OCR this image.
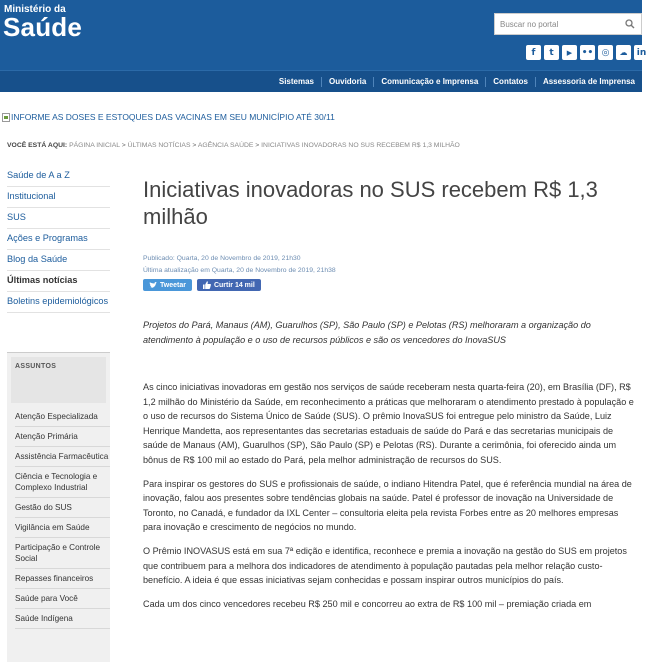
Ministério da
Saúde
Buscar no portal
f	t	▶	•• ◎	☁	in
Sistemas	Ouvidoria	Comunicação e Imprensa	Contatos	Assessoria de Imprensa
INFORME AS DOSES E ESTOQUES DAS VACINAS EM SEU MUNICÍPIO ATÉ 30/11
VOCÊ ESTÁ AQUI: PÁGINA INICIAL > ÚLTIMAS NOTÍCIAS > AGÊNCIA SAÚDE > INICIATIVAS INOVADORAS NO SUS RECEBEM R$ 1,3 MILHÃO
Saúde de A a Z
Institucional
SUS
Ações e Programas
Blog da Saúde
Últimas notícias
Boletins epidemiológicos
ASSUNTOS
Atenção Especializada
Atenção Primária
Assistência Farmacêutica
Ciência e Tecnologia e Complexo Industrial
Gestão do SUS
Vigilância em Saúde
Participação e Controle Social
Repasses financeiros
Saúde para Você
Saúde Indígena
Iniciativas inovadoras no SUS recebem R$ 1,3 milhão
Publicado: Quarta, 20 de Novembro de 2019, 21h30
Última atualização em Quarta, 20 de Novembro de 2019, 21h38
Tweetar	Curtir 14 mil

Projetos do Pará, Manaus (AM), Guarulhos (SP), São Paulo (SP) e Pelotas (RS) melhoraram a organização do atendimento à população e o uso de recursos públicos e são os vencedores do InovaSUS

As cinco iniciativas inovadoras em gestão nos serviços de saúde receberam nesta quarta-feira (20), em Brasília (DF), R$ 1,2 milhão do Ministério da Saúde, em reconhecimento a práticas que melhoraram o atendimento prestado à população e o uso de recursos do Sistema Único de Saúde (SUS). O prêmio InovaSUS foi entregue pelo ministro da Saúde, Luiz Henrique Mandetta, aos representantes das secretarias estaduais de saúde do Pará e das secretarias municipais de saúde de Manaus (AM), Guarulhos (SP), São Paulo (SP) e Pelotas (RS). Durante a cerimônia, foi oferecido ainda um bônus de R$ 100 mil ao estado do Pará, pela melhor administração de recursos do SUS.

Para inspirar os gestores do SUS e profissionais de saúde, o indiano Hitendra Patel, que é referência mundial na área de inovação, falou aos presentes sobre tendências globais na saúde. Patel é professor de inovação na Universidade de Toronto, no Canadá, e fundador da IXL Center – consultoria eleita pela revista Forbes entre as 20 melhores empresas para inovação e crescimento de negócios no mundo.

O Prêmio INOVASUS está em sua 7ª edição e identifica, reconhece e premia a inovação na gestão do SUS em projetos que contribuem para a melhora dos indicadores de atendimento à população pautadas pela melhor relação custo-benefício. A ideia é que essas iniciativas sejam conhecidas e possam inspirar outros municípios do país.

Cada um dos cinco vencedores recebeu R$ 250 mil e concorreu ao extra de R$ 100 mil – premiação criada em
